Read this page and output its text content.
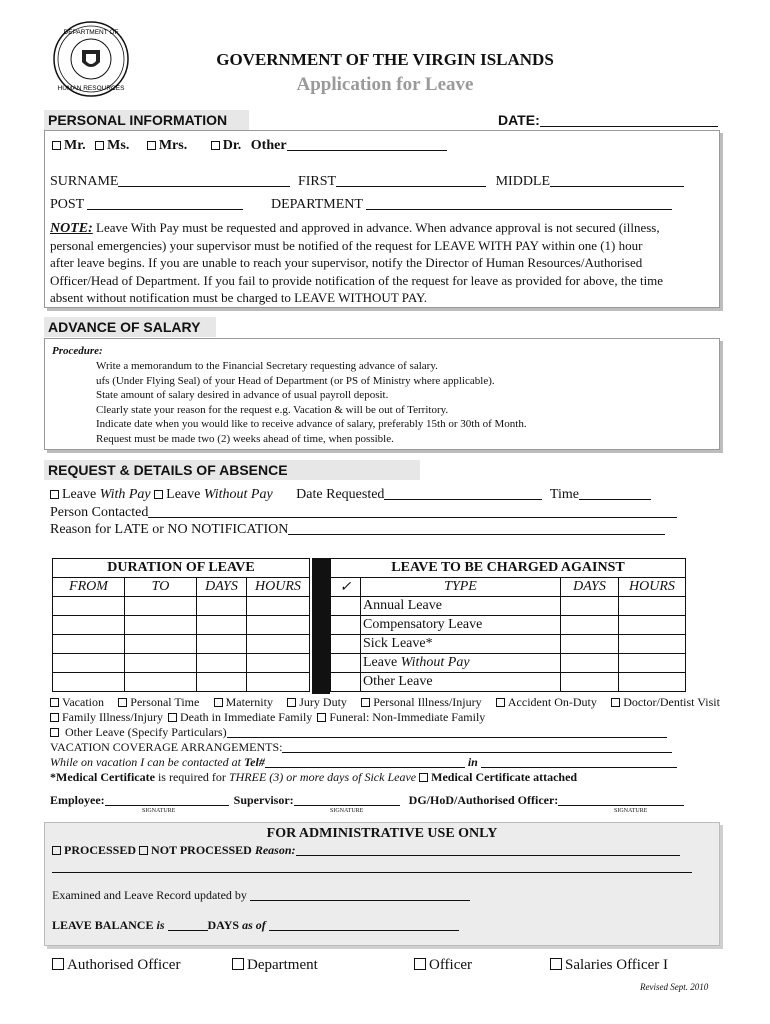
DEPARTMENT OF
HUMAN RESOURCES
GOVERNMENT OF THE VIRGIN ISLANDS
Application for Leave
PERSONAL INFORMATION	DATE:
Mr. Ms. Mrs.	Dr. Other
SURNAME	FIRST	MIDDLE
POST	DEPARTMENT
NOTE: Leave With Pay must be requested and approved in advance. When advance approval is not secured (illness,
personal emergencies) your supervisor must be notified of the request for LEAVE WITH PAY within one (1) hour
after leave begins. If you are unable to reach your supervisor, notify the Director of Human Resources/Authorised
Officer/Head of Department. If you fail to provide notification of the request for leave as provided for above, the time
absent without notification must be charged to LEAVE WITHOUT PAY.
ADVANCE OF SALARY
Procedure:
Write a memorandum to the Financial Secretary requesting advance of salary.
ufs (Under Flying Seal) of your Head of Department (or PS of Ministry where applicable).
State amount of salary desired in advance of usual payroll deposit.
Clearly state your reason for the request e.g. Vacation & will be out of Territory.
Indicate date when you would like to receive advance of salary, preferably 15th or 30th of Month.
Request must be made two (2) weeks ahead of time, when possible.
REQUEST & DETAILS OF ABSENCE
Leave With Pay Leave Without Pay Date Requested	Time
Person Contacted
Reason for LATE or NO NOTIFICATION
DURATION OF LEAVE			
FROM	TO	DAYS	HOURS

LEAVE TO BE CHARGED AGAINST			
✓	TYPE	DAYS	HOURS
	Annual Leave		
	Compensatory Leave		
	Sick Leave*		
	Leave Without Pay		
	Other Leave		
Vacation	Personal Time	Maternity	Jury Duty	Personal Illness/Injury	Accident On-Duty	Doctor/Dentist Visit
Family Illness/Injury Death in Immediate Family Funeral: Non-Immediate Family
Other Leave (Specify Particulars)
VACATION COVERAGE ARRANGEMENTS:
While on vacation I can be contacted at Tel#	in
*Medical Certificate is required for THREE (3) or more days of Sick Leave Medical Certificate attached
Employee:	Supervisor:	DG/HoD/Authorised Officer:
SIGNATURE	SIGNATURE	SIGNATURE
FOR ADMINISTRATIVE USE ONLY
PROCESSED NOT PROCESSED Reason:
Examined and Leave Record updated by
LEAVE BALANCE is	DAYS as of
Authorised Officer	Department	Officer	Salaries Officer I
Revised Sept. 2010
